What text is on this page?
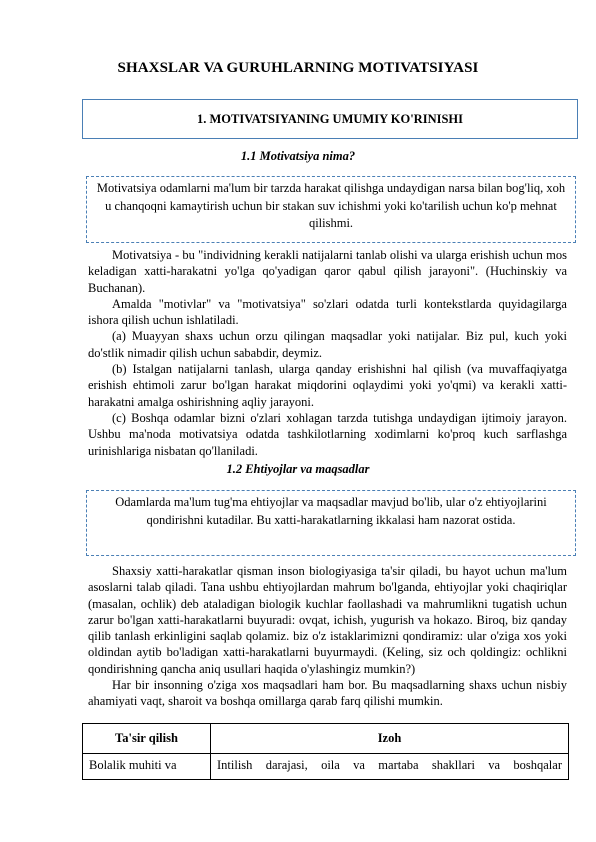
SHAXSLAR VA GURUHLARNING MOTIVATSIYASI
1. MOTIVATSIYANING UMUMIY KO'RINISHI
1.1 Motivatsiya nima?
Motivatsiya odamlarni ma'lum bir tarzda harakat qilishga undaydigan narsa bilan bog'liq, xoh u chanqoqni kamaytirish uchun bir stakan suv ichishmi yoki ko'tarilish uchun ko'p mehnat qilishmi.

Motivatsiya - bu "individning kerakli natijalarni tanlab olishi va ularga erishish uchun mos keladigan xatti-harakatni yo'lga qo'yadigan qaror qabul qilish jarayoni". (Huchinskiy va Buchanan).

Amalda "motivlar" va "motivatsiya" so'zlari odatda turli kontekstlarda quyidagilarga ishora qilish uchun ishlatiladi.

(a) Muayyan shaxs uchun orzu qilingan maqsadlar yoki natijalar. Biz pul, kuch yoki do'stlik nimadir qilish uchun sababdir, deymiz.

(b) Istalgan natijalarni tanlash, ularga qanday erishishni hal qilish (va muvaffaqiyatga erishish ehtimoli zarur bo'lgan harakat miqdorini oqlaydimi yoki yo'qmi) va kerakli xatti-harakatni amalga oshirishning aqliy jarayoni.

(c) Boshqa odamlar bizni o'zlari xohlagan tarzda tutishga undaydigan ijtimoiy jarayon. Ushbu ma'noda motivatsiya odatda tashkilotlarning xodimlarni ko'proq kuch sarflashga urinishlariga nisbatan qo'llaniladi.

1.2 Ehtiyojlar va maqsadlar
Odamlarda ma'lum tug'ma ehtiyojlar va maqsadlar mavjud bo'lib, ular o'z ehtiyojlarini qondirishni kutadilar. Bu xatti-harakatlarning ikkalasi ham nazorat ostida.

Shaxsiy xatti-harakatlar qisman inson biologiyasiga ta'sir qiladi, bu hayot uchun ma'lum asoslarni talab qiladi. Tana ushbu ehtiyojlardan mahrum bo'lganda, ehtiyojlar yoki chaqiriqlar (masalan, ochlik) deb ataladigan biologik kuchlar faollashadi va mahrumlikni tugatish uchun zarur bo'lgan xatti-harakatlarni buyuradi: ovqat, ichish, yugurish va hokazo. Biroq, biz qanday qilib tanlash erkinligini saqlab qolamiz. biz o'z istaklarimizni qondiramiz: ular o'ziga xos yoki oldindan aytib bo'ladigan xatti-harakatlarni buyurmaydi. (Keling, siz och qoldingiz: ochlikni qondirishning qancha aniq usullari haqida o'ylashingiz mumkin?)

Har bir insonning o'ziga xos maqsadlari ham bor. Bu maqsadlarning shaxs uchun nisbiy ahamiyati vaqt, sharoit va boshqa omillarga qarab farq qilishi mumkin.

Ta'sir qilish	Izoh
Bolalik muhiti va	Intilish darajasi, oila va martaba shakllari va boshqalar
